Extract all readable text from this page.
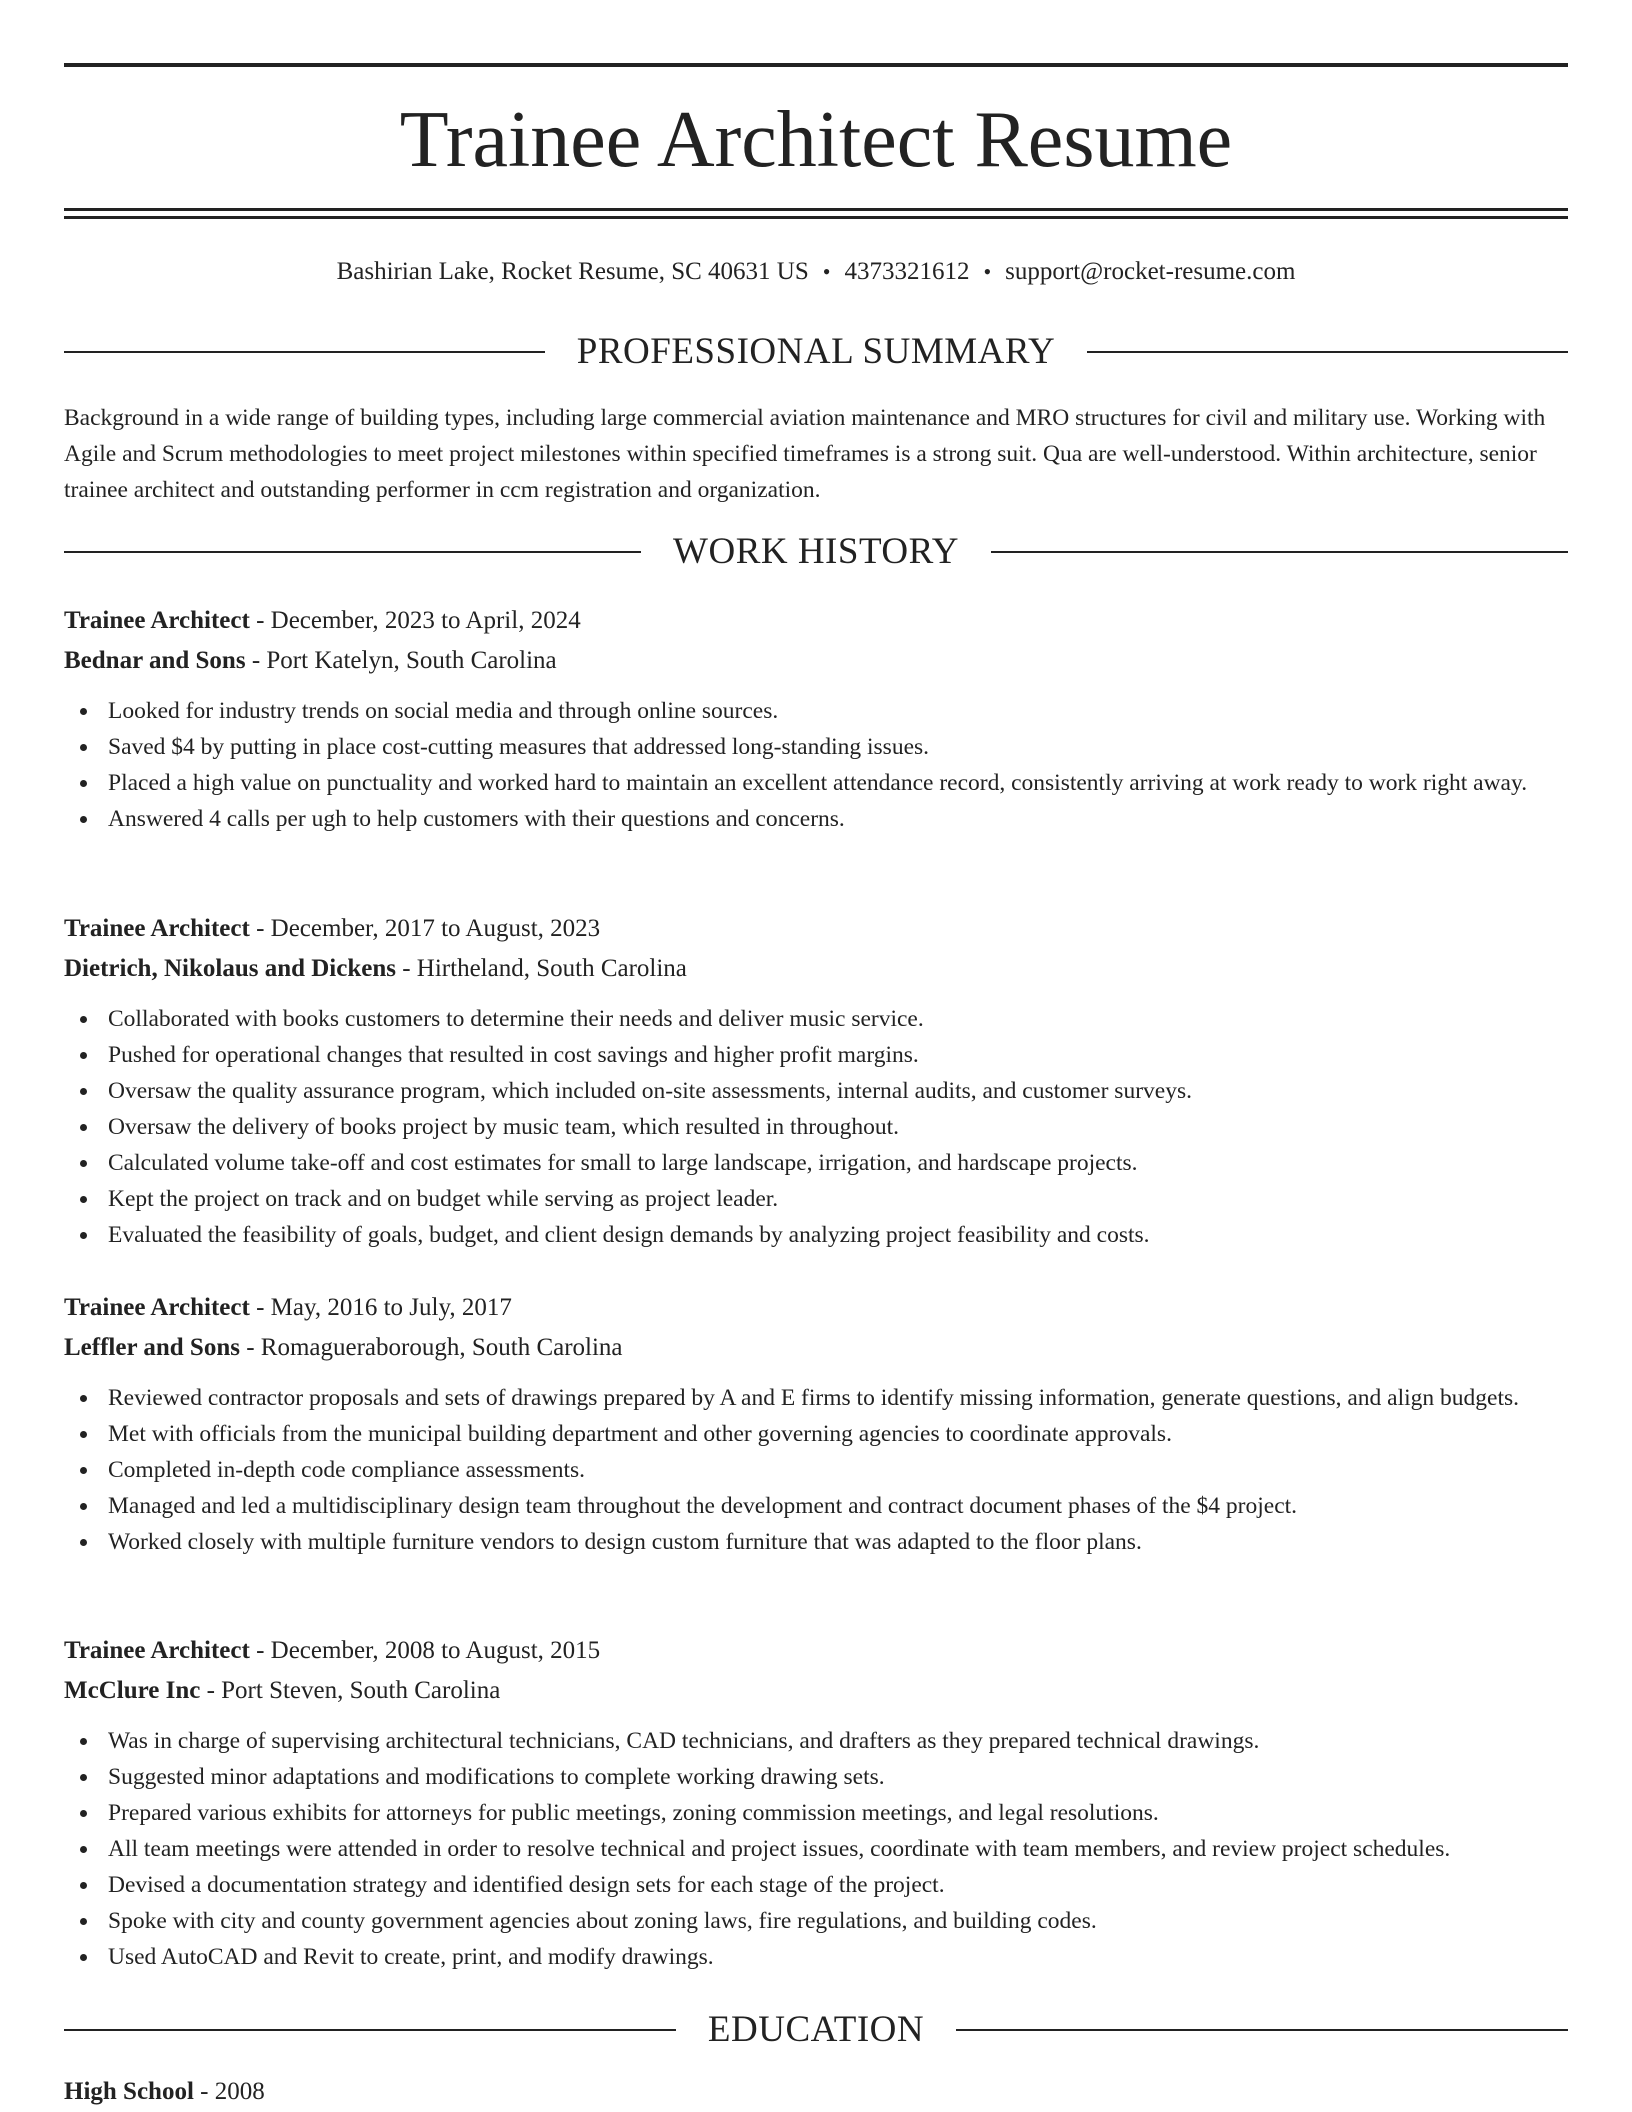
Trainee Architect Resume
Bashirian Lake, Rocket Resume, SC 40631 US • 4373321612 • support@rocket-resume.com
PROFESSIONAL SUMMARY

Background in a wide range of building types, including large commercial aviation maintenance and MRO structures for civil and military use. Working with Agile and Scrum methodologies to meet project milestones within specified timeframes is a strong suit. Qua are well-understood. Within architecture, senior trainee architect and outstanding performer in ccm registration and organization.

WORK HISTORY

Trainee Architect - December, 2023 to April, 2024

Bednar and Sons - Port Katelyn, South Carolina

Looked for industry trends on social media and through online sources.
Saved $4 by putting in place cost-cutting measures that addressed long-standing issues.
Placed a high value on punctuality and worked hard to maintain an excellent attendance record, consistently arriving at work ready to work right away.
Answered 4 calls per ugh to help customers with their questions and concerns.

Trainee Architect - December, 2017 to August, 2023

Dietrich, Nikolaus and Dickens - Hirtheland, South Carolina

Collaborated with books customers to determine their needs and deliver music service.
Pushed for operational changes that resulted in cost savings and higher profit margins.
Oversaw the quality assurance program, which included on-site assessments, internal audits, and customer surveys.
Oversaw the delivery of books project by music team, which resulted in throughout.
Calculated volume take-off and cost estimates for small to large landscape, irrigation, and hardscape projects.
Kept the project on track and on budget while serving as project leader.
Evaluated the feasibility of goals, budget, and client design demands by analyzing project feasibility and costs.

Trainee Architect - May, 2016 to July, 2017

Leffler and Sons - Romagueraborough, South Carolina

Reviewed contractor proposals and sets of drawings prepared by A and E firms to identify missing information, generate questions, and align budgets.
Met with officials from the municipal building department and other governing agencies to coordinate approvals.
Completed in-depth code compliance assessments.
Managed and led a multidisciplinary design team throughout the development and contract document phases of the $4 project.
Worked closely with multiple furniture vendors to design custom furniture that was adapted to the floor plans.

Trainee Architect - December, 2008 to August, 2015

McClure Inc - Port Steven, South Carolina

Was in charge of supervising architectural technicians, CAD technicians, and drafters as they prepared technical drawings.
Suggested minor adaptations and modifications to complete working drawing sets.
Prepared various exhibits for attorneys for public meetings, zoning commission meetings, and legal resolutions.
All team meetings were attended in order to resolve technical and project issues, coordinate with team members, and review project schedules.
Devised a documentation strategy and identified design sets for each stage of the project.
Spoke with city and county government agencies about zoning laws, fire regulations, and building codes.
Used AutoCAD and Revit to create, print, and modify drawings.
EDUCATION

High School - 2008
